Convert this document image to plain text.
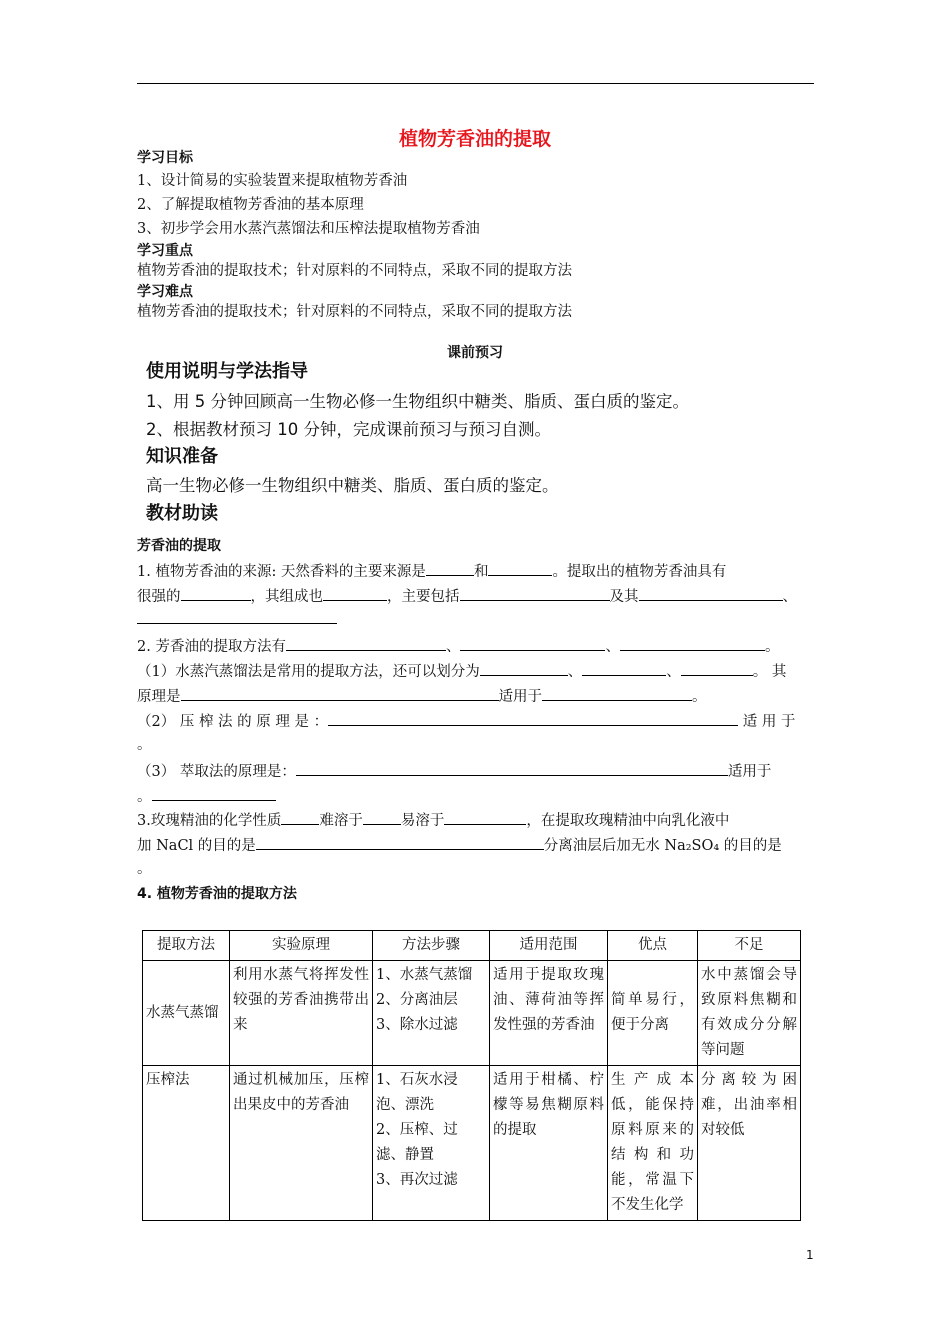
植物芳香油的提取
学习目标
1、设计简易的实验装置来提取植物芳香油
2、了解提取植物芳香油的基本原理
3、初步学会用水蒸汽蒸馏法和压榨法提取植物芳香油
学习重点
植物芳香油的提取技术；针对原料的不同特点，采取不同的提取方法
学习难点
植物芳香油的提取技术；针对原料的不同特点，采取不同的提取方法
课前预习
使用说明与学法指导
1、用 5 分钟回顾高一生物必修一生物组织中糖类、脂质、蛋白质的鉴定。
2、根据教材预习 10 分钟，完成课前预习与预习自测。
知识准备
高一生物必修一生物组织中糖类、脂质、蛋白质的鉴定。
教材助读
芳香油的提取
1. 植物芳香油的来源: 天然香料的主要来源是	和	。提取出的植物芳香油具有
很强的	，其组成也	，主要包括	及其	、
2. 芳香油的提取方法有	、	、	。
（1）水蒸汽蒸馏法是常用的提取方法，还可以划分为	、	、	。 其
原理是	适用于	。
（2） 压 榨 法 的 原 理 是 ：	适 用 于
。
（3） 萃取法的原理是：	适用于
。
3.玫瑰精油的化学性质	难溶于	易溶于	，在提取玫瑰精油中向乳化液中
加 NaCl 的目的是	分离油层后加无水 Na₂SO₄ 的目的是
。
4. 植物芳香油的提取方法
提取方法	实验原理	方法步骤	适用范围	优点	不足
水蒸气蒸馏	利用水蒸气将挥发性较强的芳香油携带出来	1、水蒸气蒸馏
2、分离油层
3、除水过滤	适用于提取玫瑰油、薄荷油等挥发性强的芳香油	简单易行，便于分离	水中蒸馏会导致原料焦糊和有效成分分解等问题
压榨法	通过机械加压，压榨出果皮中的芳香油	1、石灰水浸泡、漂洗
2、压榨、过滤、静置
3、再次过滤	适用于柑橘、柠檬等易焦糊原料的提取	生产成本低，能保持原料原来的结构和功能，常温下不发生化学	分离较为困难，出油率相对较低
1
